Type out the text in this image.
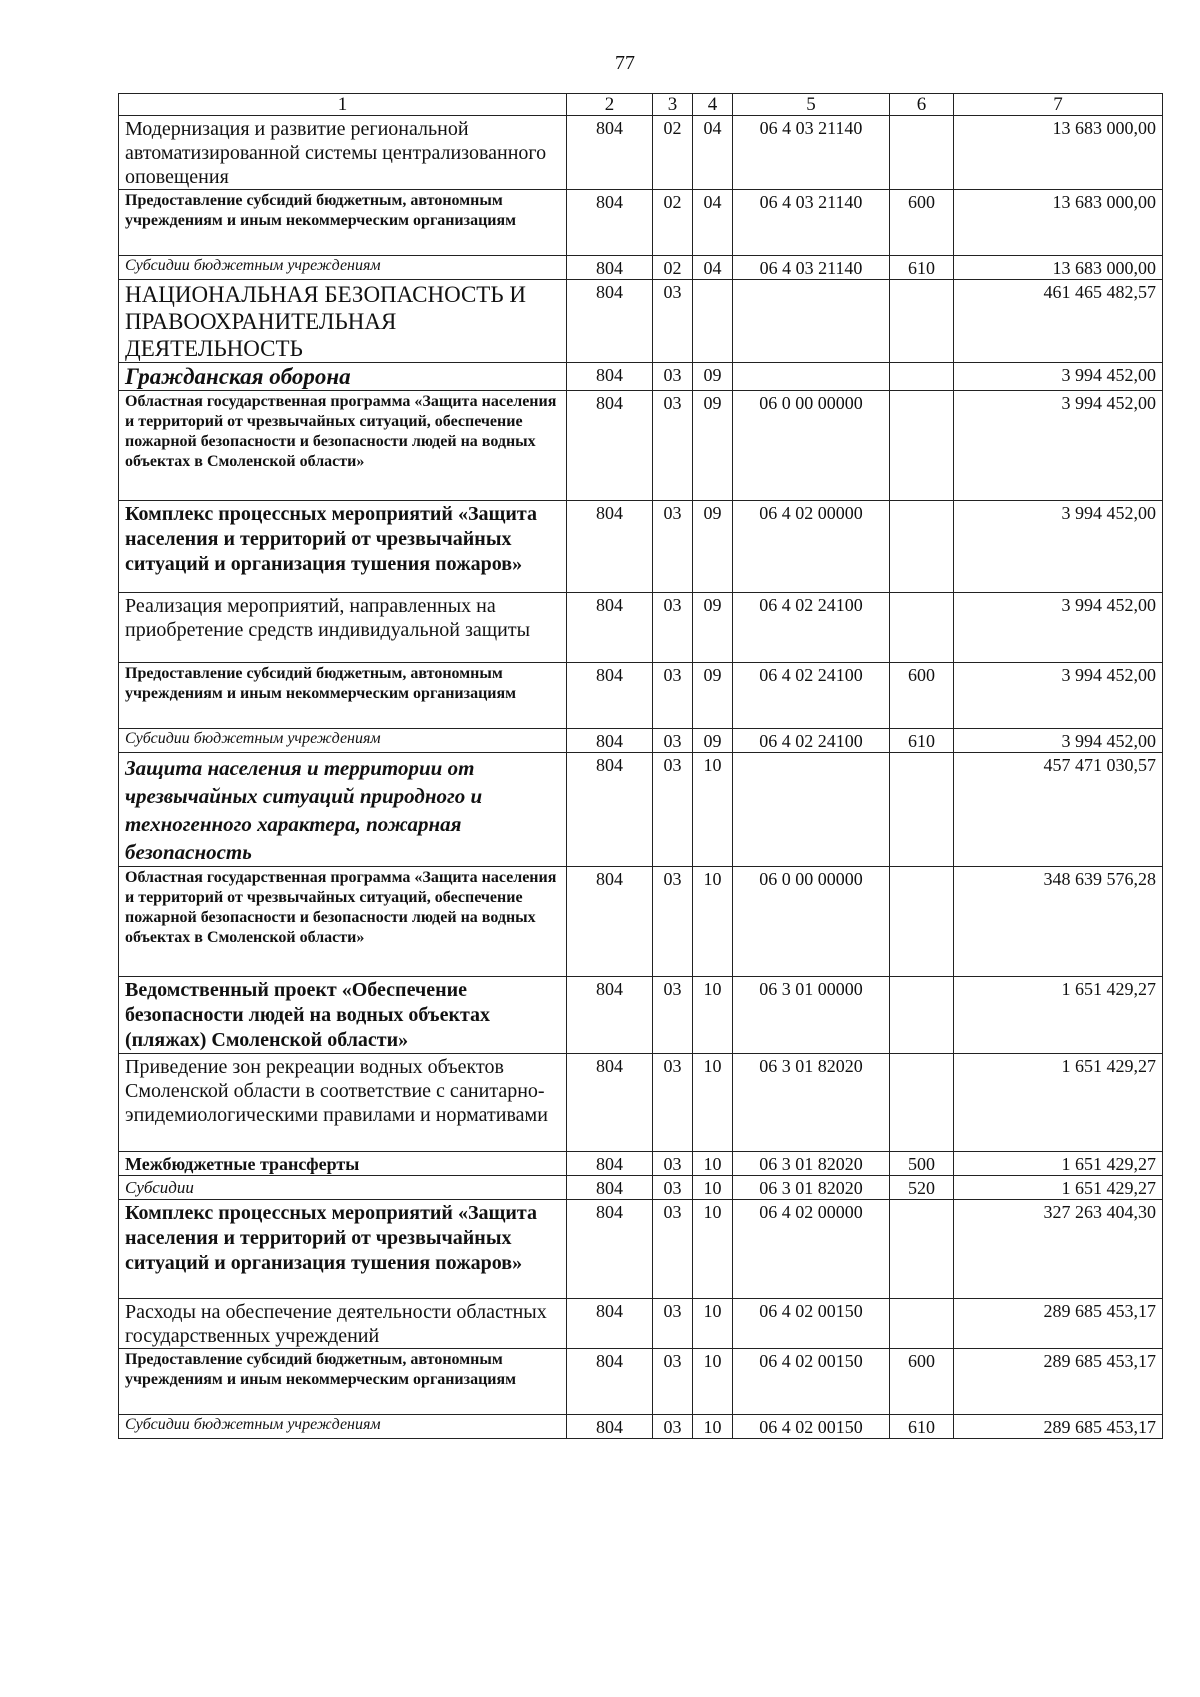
77
1	2	3	4	5	6	7
Модернизация и развитие региональной автоматизированной системы централизованного оповещения	804	02	04	06 4 03 21140		13 683 000,00
Предоставление субсидий бюджетным, автономным учреждениям и иным некоммерческим организациям	804	02	04	06 4 03 21140	600	13 683 000,00
Субсидии бюджетным учреждениям	804	02	04	06 4 03 21140	610	13 683 000,00
НАЦИОНАЛЬНАЯ БЕЗОПАСНОСТЬ И ПРАВООХРАНИТЕЛЬНАЯ ДЕЯТЕЛЬНОСТЬ	804	03				461 465 482,57
Гражданская оборона	804	03	09			3 994 452,00
Областная государственная программа «Защита населения и территорий от чрезвычайных ситуаций, обеспечение пожарной безопасности и безопасности людей на водных объектах в Смоленской области»	804	03	09	06 0 00 00000		3 994 452,00
Комплекс процессных мероприятий «Защита населения и территорий от чрезвычайных ситуаций и организация тушения пожаров»	804	03	09	06 4 02 00000		3 994 452,00
Реализация мероприятий, направленных на приобретение средств индивидуальной защиты	804	03	09	06 4 02 24100		3 994 452,00
Предоставление субсидий бюджетным, автономным учреждениям и иным некоммерческим организациям	804	03	09	06 4 02 24100	600	3 994 452,00
Субсидии бюджетным учреждениям	804	03	09	06 4 02 24100	610	3 994 452,00
Защита населения и территории от чрезвычайных ситуаций природного и техногенного характера, пожарная безопасность	804	03	10			457 471 030,57
Областная государственная программа «Защита населения и территорий от чрезвычайных ситуаций, обеспечение пожарной безопасности и безопасности людей на водных объектах в Смоленской области»	804	03	10	06 0 00 00000		348 639 576,28
Ведомственный проект «Обеспечение безопасности людей на водных объектах (пляжах) Смоленской области»	804	03	10	06 3 01 00000		1 651 429,27
Приведение зон рекреации водных объектов Смоленской области в соответствие с санитарно-эпидемиологическими правилами и нормативами	804	03	10	06 3 01 82020		1 651 429,27
Межбюджетные трансферты	804	03	10	06 3 01 82020	500	1 651 429,27
Субсидии	804	03	10	06 3 01 82020	520	1 651 429,27
Комплекс процессных мероприятий «Защита населения и территорий от чрезвычайных ситуаций и организация тушения пожаров»	804	03	10	06 4 02 00000		327 263 404,30
Расходы на обеспечение деятельности областных государственных учреждений	804	03	10	06 4 02 00150		289 685 453,17
Предоставление субсидий бюджетным, автономным учреждениям и иным некоммерческим организациям	804	03	10	06 4 02 00150	600	289 685 453,17
Субсидии бюджетным учреждениям	804	03	10	06 4 02 00150	610	289 685 453,17
